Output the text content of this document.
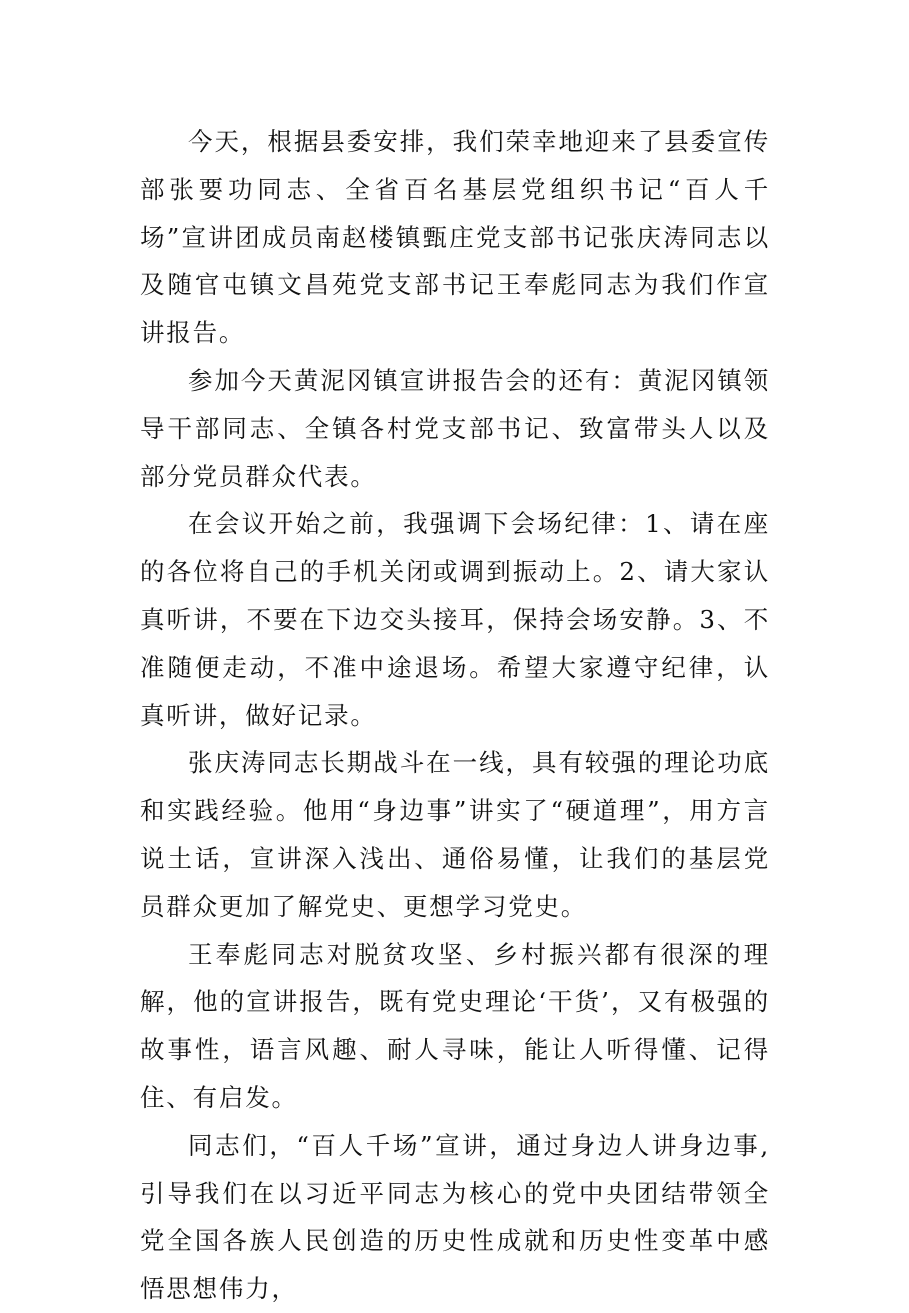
今天，根据县委安排，我们荣幸地迎来了县委宣传部张要功同志、全省百名基层党组织书记“百人千场”宣讲团成员南赵楼镇甄庄党支部书记张庆涛同志以及随官屯镇文昌苑党支部书记王奉彪同志为我们作宣讲报告。

参加今天黄泥冈镇宣讲报告会的还有：黄泥冈镇领导干部同志、全镇各村党支部书记、致富带头人以及部分党员群众代表。

在会议开始之前，我强调下会场纪律：1、请在座的各位将自己的手机关闭或调到振动上。2、请大家认真听讲，不要在下边交头接耳，保持会场安静。3、不准随便走动，不准中途退场。希望大家遵守纪律，认真听讲，做好记录。

张庆涛同志长期战斗在一线，具有较强的理论功底和实践经验。他用“身边事”讲实了“硬道理”，用方言说土话，宣讲深入浅出、通俗易懂，让我们的基层党员群众更加了解党史、更想学习党史。

王奉彪同志对脱贫攻坚、乡村振兴都有很深的理解，他的宣讲报告，既有党史理论‘干货’，又有极强的故事性，语言风趣、耐人寻味，能让人听得懂、记得住、有启发。

同志们，“百人千场”宣讲，通过身边人讲身边事,引导我们在以习近平同志为核心的党中央团结带领全党全国各族人民创造的历史性成就和历史性变革中感悟思想伟力，
